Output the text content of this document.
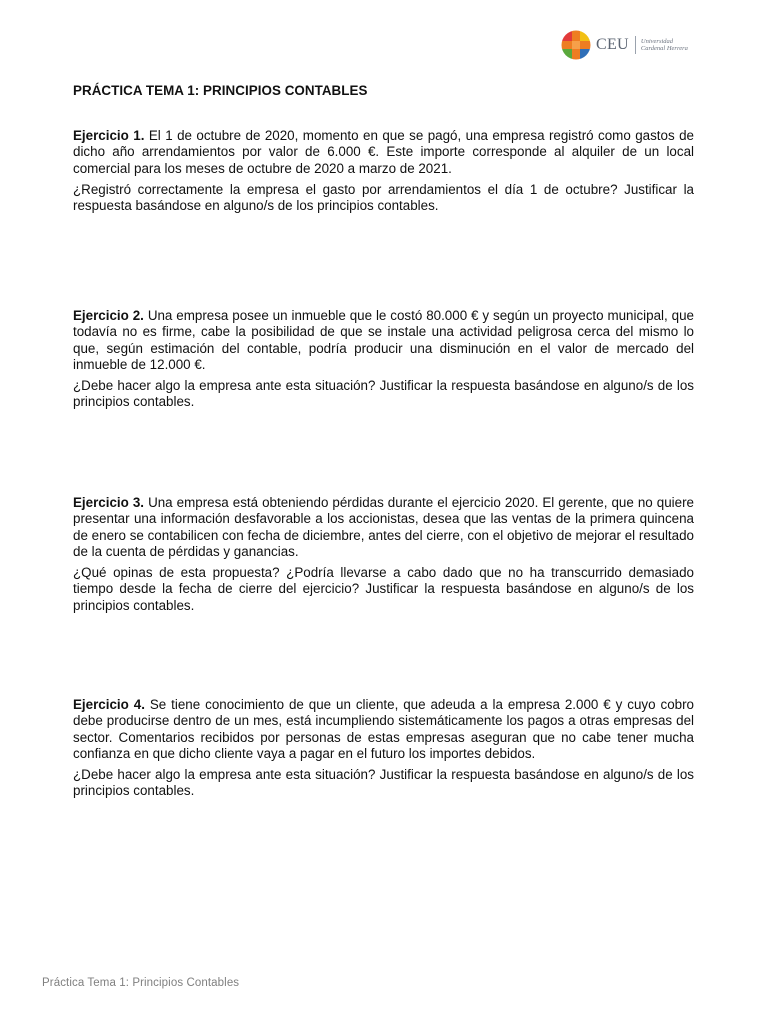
CEU Universidad
Cardenal Herrera
PRÁCTICA TEMA 1: PRINCIPIOS CONTABLES

Ejercicio 1. El 1 de octubre de 2020, momento en que se pagó, una empresa registró como gastos de dicho año arrendamientos por valor de 6.000 €. Este importe corresponde al alquiler de un local comercial para los meses de octubre de 2020 a marzo de 2021.

¿Registró correctamente la empresa el gasto por arrendamientos el día 1 de octubre? Justificar la respuesta basándose en alguno/s de los principios contables.

Ejercicio 2. Una empresa posee un inmueble que le costó 80.000 € y según un proyecto municipal, que todavía no es firme, cabe la posibilidad de que se instale una actividad peligrosa cerca del mismo lo que, según estimación del contable, podría producir una disminución en el valor de mercado del inmueble de 12.000 €.

¿Debe hacer algo la empresa ante esta situación? Justificar la respuesta basándose en alguno/s de los principios contables.

Ejercicio 3. Una empresa está obteniendo pérdidas durante el ejercicio 2020. El gerente, que no quiere presentar una información desfavorable a los accionistas, desea que las ventas de la primera quincena de enero se contabilicen con fecha de diciembre, antes del cierre, con el objetivo de mejorar el resultado de la cuenta de pérdidas y ganancias.

¿Qué opinas de esta propuesta? ¿Podría llevarse a cabo dado que no ha transcurrido demasiado tiempo desde la fecha de cierre del ejercicio? Justificar la respuesta basándose en alguno/s de los principios contables.

Ejercicio 4. Se tiene conocimiento de que un cliente, que adeuda a la empresa 2.000 € y cuyo cobro debe producirse dentro de un mes, está incumpliendo sistemáticamente los pagos a otras empresas del sector. Comentarios recibidos por personas de estas empresas aseguran que no cabe tener mucha confianza en que dicho cliente vaya a pagar en el futuro los importes debidos.

¿Debe hacer algo la empresa ante esta situación? Justificar la respuesta basándose en alguno/s de los principios contables.

Práctica Tema 1: Principios Contables
